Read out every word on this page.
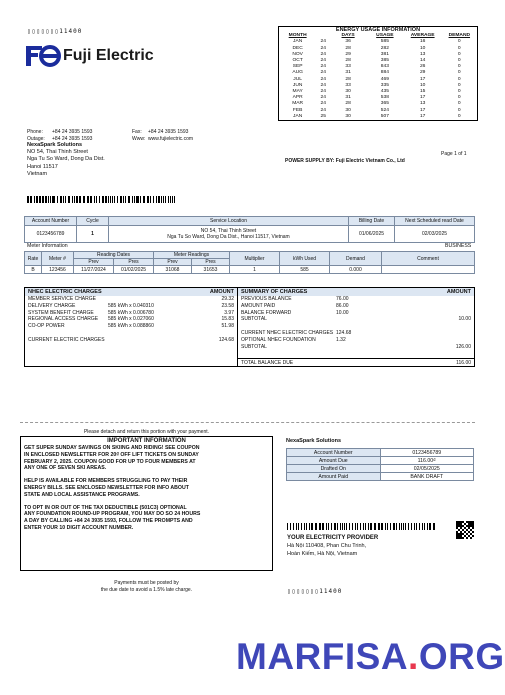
▯▯▯▯▯▯▯11400
Fuji Electric
Phone:	+84 24 3935 1593	Fax:	+84 24 3935 1593
Outage:	+84 24 3935 1593	Www: www.fujielectric.com
NexaSpark Solutions
NO 54, Thai Thinh Street
Nga Tu So Ward, Dong Da Dist.
Hanoi 11517
Vietnam
ENERGY USAGE INFORMATION					
MONTH		DAYS	USAGE	AVERAGE	DEMAND
JAN	24	36	585	16	0
DEC	24	28	282	10	0
NOV	24	29	381	13	0
OCT	24	28	385	14	0
SEP	24	33	843	26	0
AUG	24	31	884	29	0
JUL	24	28	469	17	0
JUN	24	33	335	10	0
MAY	24	30	435	15	0
APR	24	31	538	17	0
MAR	24	28	365	13	0
FEB	24	30	524	17	0
JAN	25	30	507	17	0
Page 1 of 1
POWER SUPPLY BY: Fuji Electric Vietnam Co., Ltd
Account Number	Cycle	Service Location	Billing Date	Next Scheduled read Date
0123456789	1	NO 54, Thai Thinh Street
Nga Tu So Ward, Dong Da Dist., Hanoi 11517, Vietnam	01/06/2025	02/03/2025
Meter Information	BUSINESS
Rate	Meter #	Reading Dates		Meter Readings		Multiplier	kWh Used	Demand	Comment
		Prev	Pres	Prev	Pres				
B	123456	11/27/2024	01/02/2025	31068	31653	1	585	0.000	
NHEC ELECTRIC CHARGES	AMOUNT
MEMBER SERVICE CHARGE	29.32
DELIVERY CHARGE	585 kWh x 0.040310	23.58
SYSTEM BENEFIT CHARGE	585 kWh x 0.006780	3.97
REGIONAL ACCESS CHARGE	585 kWh x 0.027060	15.83
CO-OP POWER	585 kWh x 0.088860	51.98
CURRENT ELECTRIC CHARGES	124.68
SUMMARY OF CHARGES	AMOUNT
PREVIOUS BALANCE	76.00
AMOUNT PAID	86.00
BALANCE FORWARD	10.00
SUBTOTAL	10.00
CURRENT NHEC ELECTRIC CHARGES 124.68
OPTIONAL NHEC FOUNDATION	1.32
SUBTOTAL	126.00
TOTAL BALANCE DUE	116.00
Please detach and return this portion with your payment.
IMPORTANT INFORMATION

GET SUPER SUNDAY SAVINGS ON SKIING AND RIDING! SEE COUPON

IN ENCLOSED NEWSLETTER FOR 20₫ OFF LIFT TICKETS ON SUNDAY

FEBRUARY 2, 2025. COUPON GOOD FOR UP TO FOUR MEMBERS AT

ANY ONE OF SEVEN SKI AREAS.

HELP IS AVAILABLE FOR MEMBERS STRUGGLING TO PAY THEIR

ENERGY BILLS. SEE ENCLOSED NEWSLETTER FOR INFO ABOUT

STATE AND LOCAL ASSISTANCE PROGRAMS.

TO OPT IN OR OUT OF THE TAX DEDUCTIBLE (501C3) OPTIONAL

ANY FOUNDATION ROUND-UP PROGRAM, YOU MAY DO SO 24 HOURS

A DAY BY CALLING +84 24 3935 1593, FOLLOW THE PROMPTS AND

ENTER YOUR 10 DIGIT ACCOUNT NUMBER.

Payments must be posted by
the due date to avoid a 1.5% late charge.
NexaSpark Solutions
Account Number	0123456789
Amount Due	116.00₫
Drafted On	02/05/2025
Amount Paid	BANK DRAFT
YOUR ELECTRICITY PROVIDER
Hà Nội 110408, Phan Chu Trinh,
Hoàn Kiếm, Hà Nội, Vietnam
▯▯▯▯▯▯▯11400
MARFISA.ORG
